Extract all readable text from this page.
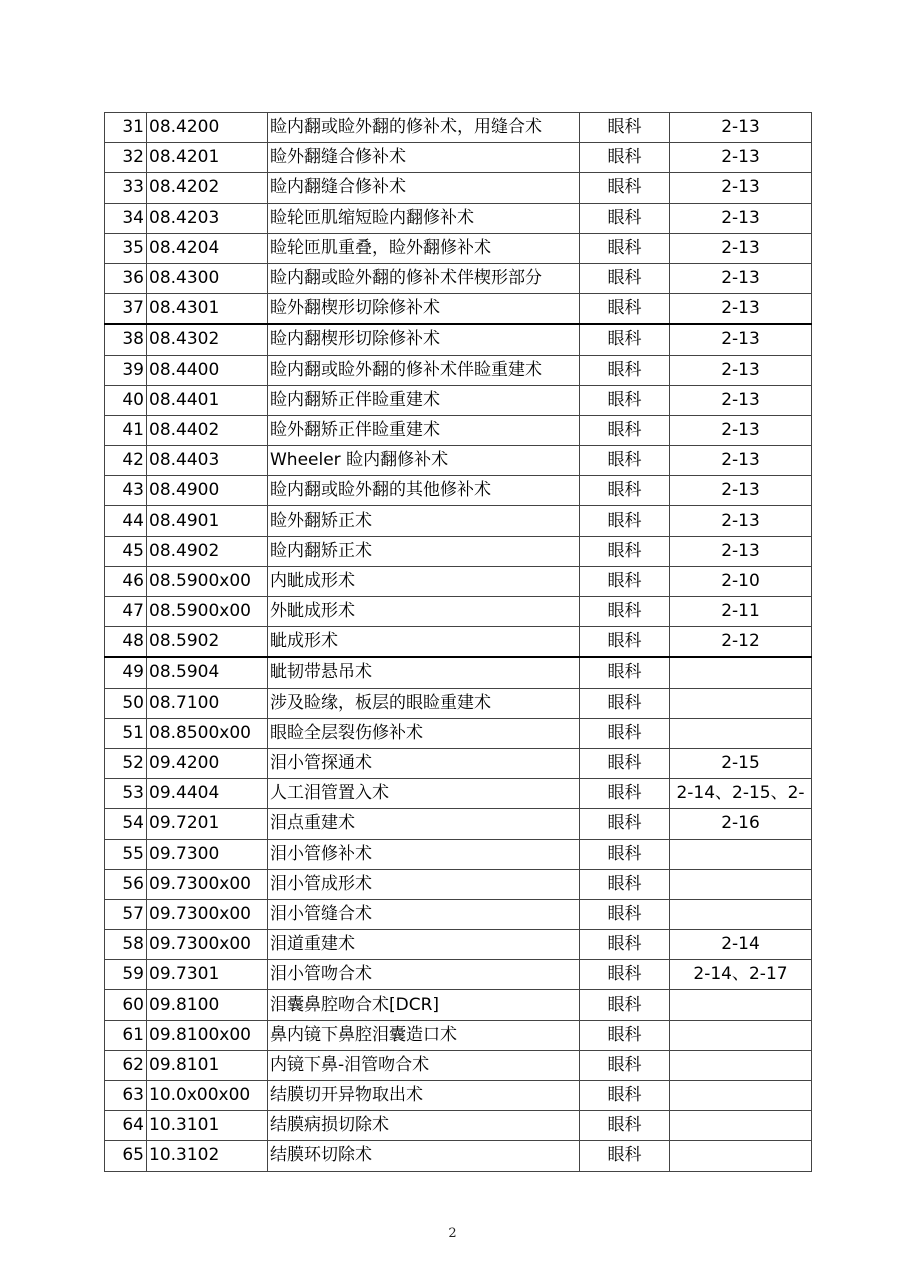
31	08.4200	睑内翻或睑外翻的修补术，用缝合术	眼科	2-13
32	08.4201	睑外翻缝合修补术	眼科	2-13
33	08.4202	睑内翻缝合修补术	眼科	2-13
34	08.4203	睑轮匝肌缩短睑内翻修补术	眼科	2-13
35	08.4204	睑轮匝肌重叠，睑外翻修补术	眼科	2-13
36	08.4300	睑内翻或睑外翻的修补术伴楔形部分	眼科	2-13
37	08.4301	睑外翻楔形切除修补术	眼科	2-13
38	08.4302	睑内翻楔形切除修补术	眼科	2-13
39	08.4400	睑内翻或睑外翻的修补术伴睑重建术	眼科	2-13
40	08.4401	睑内翻矫正伴睑重建术	眼科	2-13
41	08.4402	睑外翻矫正伴睑重建术	眼科	2-13
42	08.4403	Wheeler 睑内翻修补术	眼科	2-13
43	08.4900	睑内翻或睑外翻的其他修补术	眼科	2-13
44	08.4901	睑外翻矫正术	眼科	2-13
45	08.4902	睑内翻矫正术	眼科	2-13
46	08.5900x00	内眦成形术	眼科	2-10
47	08.5900x00	外眦成形术	眼科	2-11
48	08.5902	眦成形术	眼科	2-12
49	08.5904	眦韧带悬吊术	眼科	
50	08.7100	涉及睑缘，板层的眼睑重建术	眼科	
51	08.8500x00	眼睑全层裂伤修补术	眼科	
52	09.4200	泪小管探通术	眼科	2-15
53	09.4404	人工泪管置入术	眼科	2-14、2-15、2-
54	09.7201	泪点重建术	眼科	2-16
55	09.7300	泪小管修补术	眼科	
56	09.7300x00	泪小管成形术	眼科	
57	09.7300x00	泪小管缝合术	眼科	
58	09.7300x00	泪道重建术	眼科	2-14
59	09.7301	泪小管吻合术	眼科	2-14、2-17
60	09.8100	泪囊鼻腔吻合术[DCR]	眼科	
61	09.8100x00	鼻内镜下鼻腔泪囊造口术	眼科	
62	09.8101	内镜下鼻-泪管吻合术	眼科	
63	10.0x00x00	结膜切开异物取出术	眼科	
64	10.3101	结膜病损切除术	眼科	
65	10.3102	结膜环切除术	眼科	
2
